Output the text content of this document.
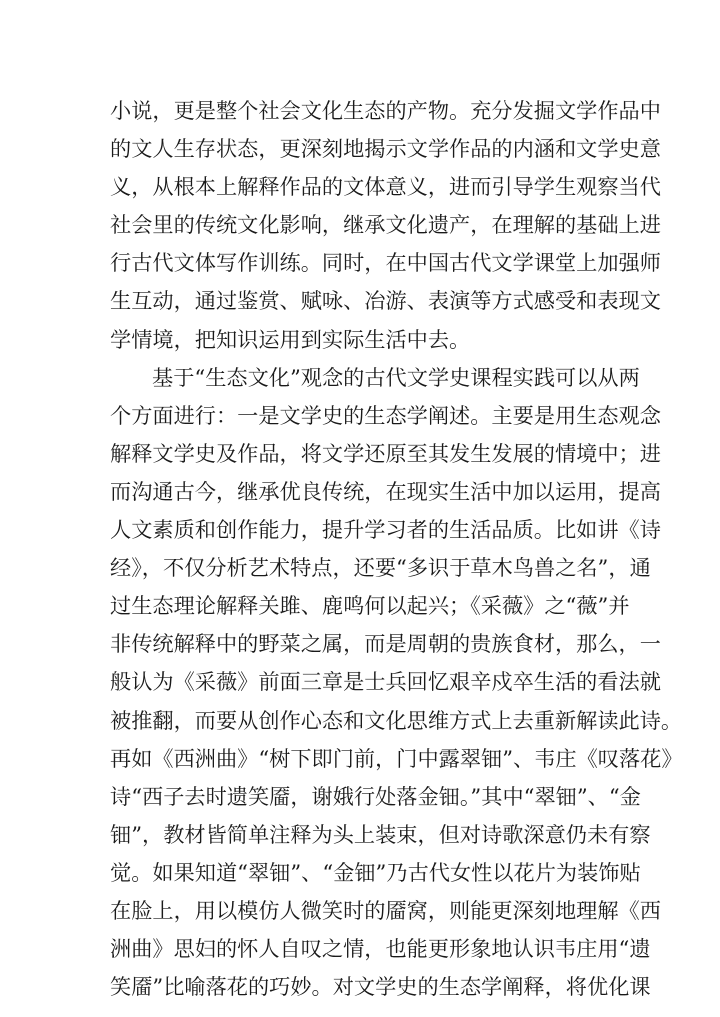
小说，更是整个社会文化生态的产物。充分发掘文学作品中
的文人生存状态，更深刻地揭示文学作品的内涵和文学史意
义，从根本上解释作品的文体意义，进而引导学生观察当代
社会里的传统文化影响，继承文化遗产，在理解的基础上进
行古代文体写作训练。同时，在中国古代文学课堂上加强师
生互动，通过鉴赏、赋咏、冶游、表演等方式感受和表现文
学情境，把知识运用到实际生活中去。
基于“生态文化”观念的古代文学史课程实践可以从两
个方面进行：一是文学史的生态学阐述。主要是用生态观念
解释文学史及作品，将文学还原至其发生发展的情境中；进
而沟通古今，继承优良传统，在现实生活中加以运用，提高
人文素质和创作能力，提升学习者的生活品质。比如讲《诗
经》，不仅分析艺术特点，还要“多识于草木鸟兽之名”，通
过生态理论解释关雎、鹿鸣何以起兴；《采薇》之“薇”并
非传统解释中的野菜之属，而是周朝的贵族食材，那么，一
般认为《采薇》前面三章是士兵回忆艰辛戍卒生活的看法就
被推翻，而要从创作心态和文化思维方式上去重新解读此诗。
再如《西洲曲》“树下即门前，门中露翠钿”、韦庄《叹落花》
诗“西子去时遗笑靥，谢娥行处落金钿。”其中“翠钿”、“金
钿”，教材皆简单注释为头上装束，但对诗歌深意仍未有察
觉。如果知道“翠钿”、“金钿”乃古代女性以花片为装饰贴
在脸上，用以模仿人微笑时的靥窝，则能更深刻地理解《西
洲曲》思妇的怀人自叹之情，也能更形象地认识韦庄用“遗
笑靥”比喻落花的巧妙。对文学史的生态学阐释，将优化课
